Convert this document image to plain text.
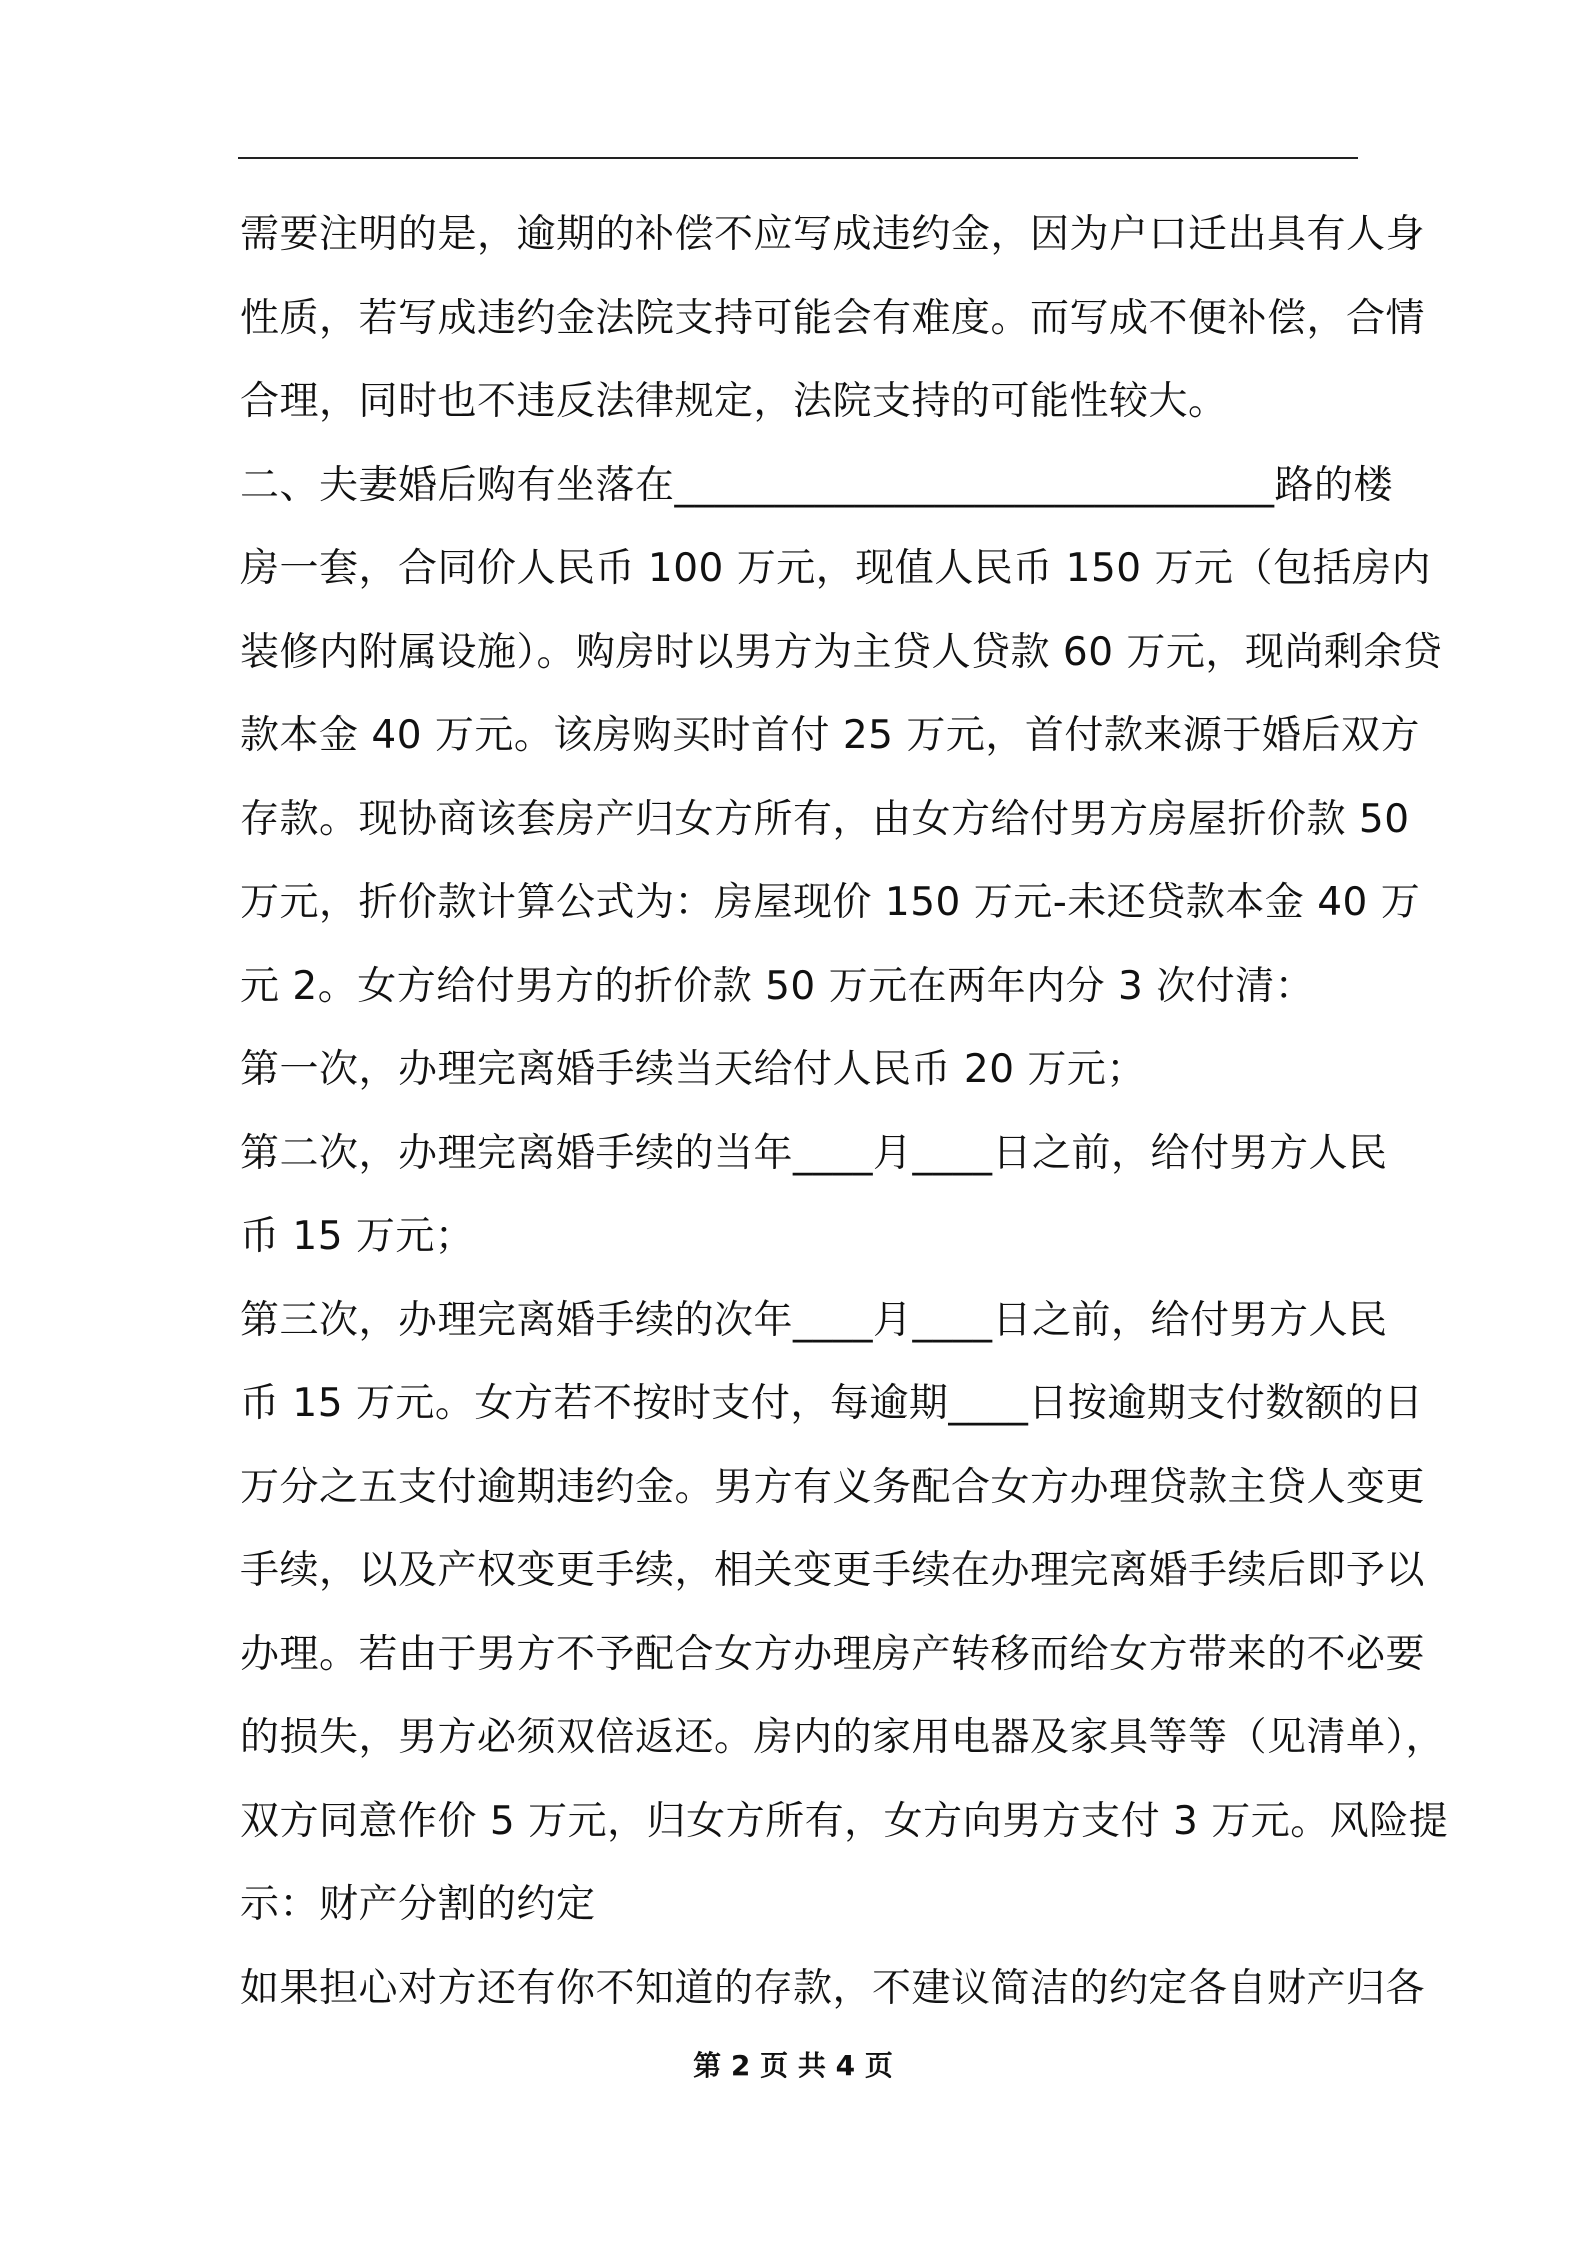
需要注明的是，逾期的补偿不应写成违约金，因为户口迁出具有人身
性质，若写成违约金法院支持可能会有难度。而写成不便补偿，合情
合理，同时也不违反法律规定，法院支持的可能性较大。
二、夫妻婚后购有坐落在______________________________路的楼
房一套，合同价人民币 100 万元，现值人民币 150 万元（包括房内
装修内附属设施）。购房时以男方为主贷人贷款 60 万元，现尚剩余贷
款本金 40 万元。该房购买时首付 25 万元，首付款来源于婚后双方
存款。现协商该套房产归女方所有，由女方给付男方房屋折价款 50
万元，折价款计算公式为：房屋现价 150 万元-未还贷款本金 40 万
元 2。女方给付男方的折价款 50 万元在两年内分 3 次付清：
第一次，办理完离婚手续当天给付人民币 20 万元；
第二次，办理完离婚手续的当年____月____日之前，给付男方人民
币 15 万元；
第三次，办理完离婚手续的次年____月____日之前，给付男方人民
币 15 万元。女方若不按时支付，每逾期____日按逾期支付数额的日
万分之五支付逾期违约金。男方有义务配合女方办理贷款主贷人变更
手续，以及产权变更手续，相关变更手续在办理完离婚手续后即予以
办理。若由于男方不予配合女方办理房产转移而给女方带来的不必要
的损失，男方必须双倍返还。房内的家用电器及家具等等（见清单），
双方同意作价 5 万元，归女方所有，女方向男方支付 3 万元。风险提
示：财产分割的约定
如果担心对方还有你不知道的存款，不建议简洁的约定各自财产归各
第 2 页 共 4 页
